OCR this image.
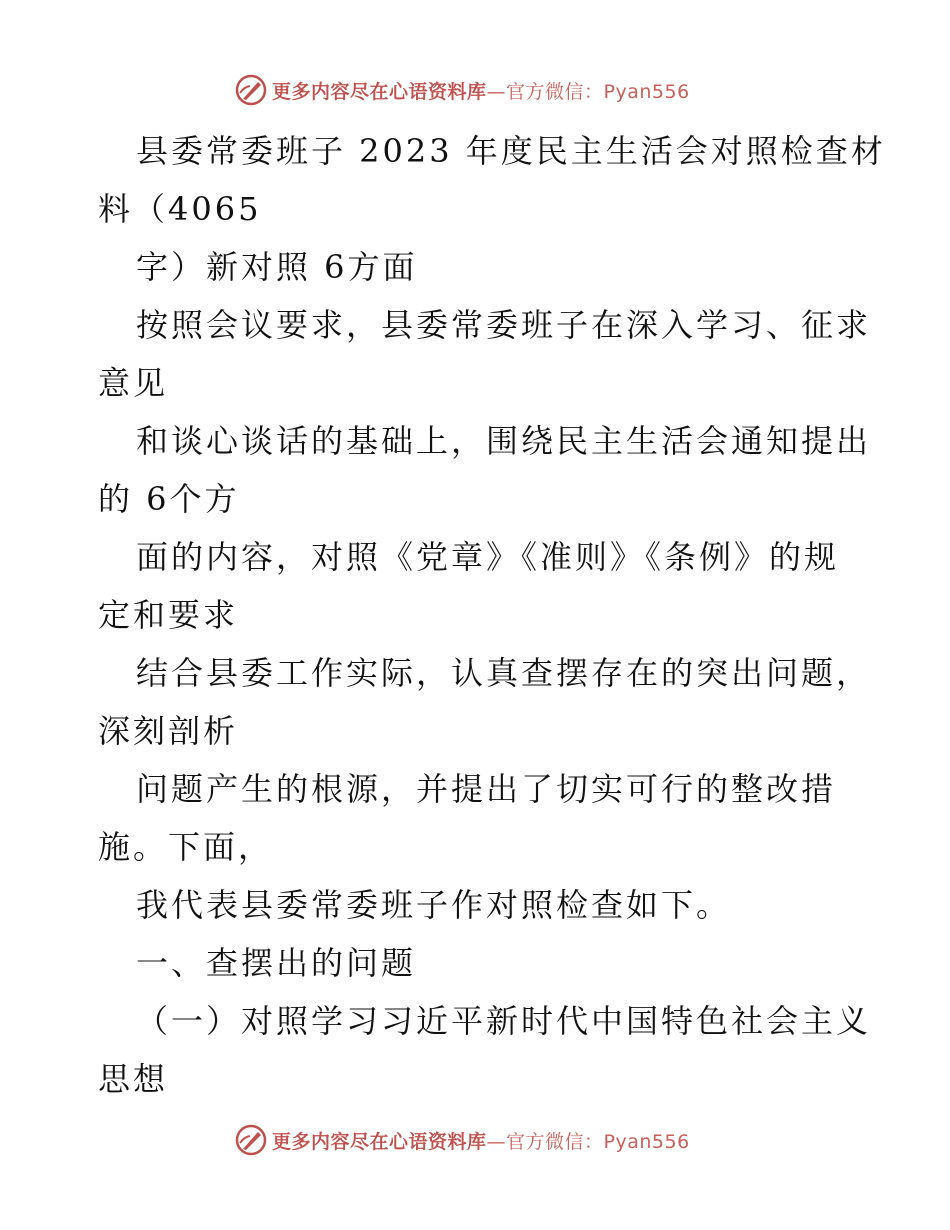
更多内容尽在心语资料库 —官方微信：Pyan556
县委常委班子 2023 年度民主生活会对照检查材
料（4065
字）新对照 6方面
按照会议要求，县委常委班子在深入学习、征求
意见
和谈心谈话的基础上，围绕民主生活会通知提出
的 6个方
面的内容，对照《党章》《准则》《条例》的规
定和要求
结合县委工作实际，认真查摆存在的突出问题，
深刻剖析
问题产生的根源，并提出了切实可行的整改措
施。下面，
我代表县委常委班子作对照检查如下。
一、查摆出的问题
（一）对照学习习近平新时代中国特色社会主义
思想
更多内容尽在心语资料库 —官方微信：Pyan556
